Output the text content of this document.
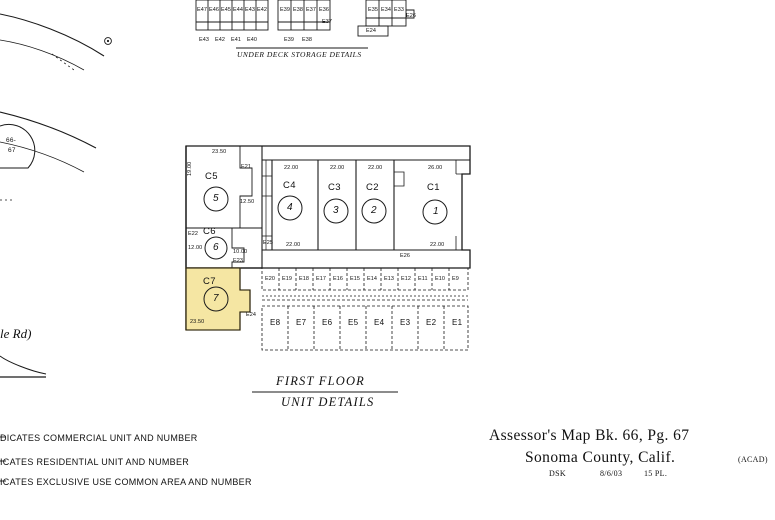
E47 E46 E45 E44 E43 E42
E43 E42 E41 E40
E39 E38 E37 E36
E39 E38
E35 E34 E33
E37
E26
E24
UNDER DECK STORAGE DETAILS
66-
67
C5
5
C6
6
C7
7
C4
4
C3
3
C2
2
C1
1
E21
E22
E23
E24
E25
E26
E20 E19 E18 E17 E16 E15 E14 E13 E12 E11 E10 E9
E8 E7 E6 E5 E4 E3 E2 E1
19.00
23.50
12.50
12.00
10.00
23.50
22.00	22.00	22.00	26.00
22.00	22.00
le Rd)
FIRST FLOOR
UNIT DETAILS
DICATES COMMERCIAL UNIT AND NUMBER
ICATES RESIDENTIAL UNIT AND NUMBER
ICATES EXCLUSIVE USE COMMON AREA AND NUMBER
Assessor's Map Bk. 66, Pg. 67
Sonoma County, Calif.	(ACAD)
DSK	8/6/03	15 PL.
